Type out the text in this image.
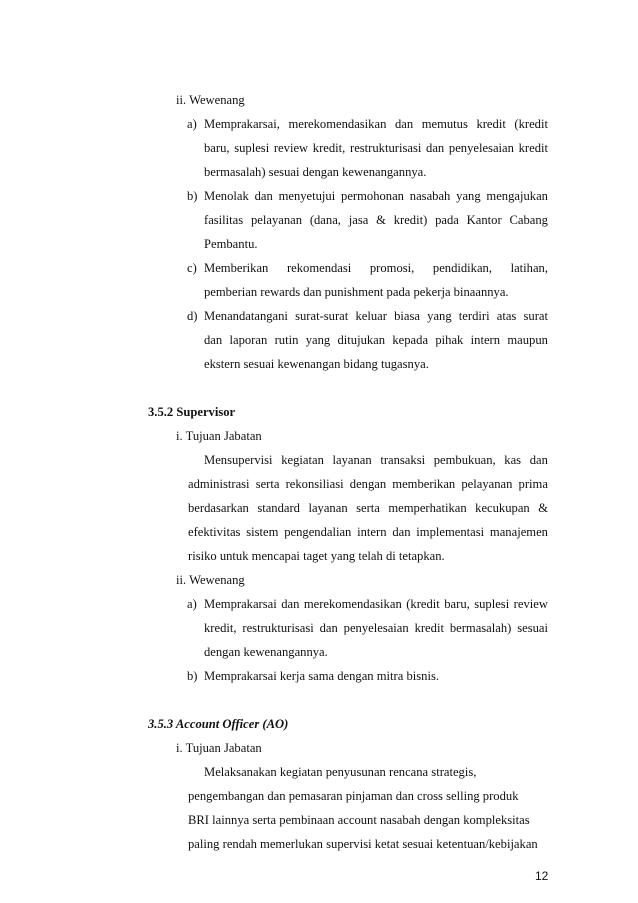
ii. Wewenang
a) Memprakarsai, merekomendasikan dan memutus kredit (kredit
baru, suplesi review kredit, restrukturisasi dan penyelesaian kredit
bermasalah) sesuai dengan kewenangannya.
b) Menolak dan menyetujui permohonan nasabah yang mengajukan
fasilitas pelayanan (dana, jasa & kredit) pada Kantor Cabang
Pembantu.
c) Memberikan rekomendasi promosi, pendidikan, latihan,
pemberian rewards dan punishment pada pekerja binaannya.
d) Menandatangani surat-surat keluar biasa yang terdiri atas surat
dan laporan rutin yang ditujukan kepada pihak intern maupun
ekstern sesuai kewenangan bidang tugasnya.
3.5.2 Supervisor
i. Tujuan Jabatan
Mensupervisi kegiatan layanan transaksi pembukuan, kas dan
administrasi serta rekonsiliasi dengan memberikan pelayanan prima
berdasarkan standard layanan serta memperhatikan kecukupan &
efektivitas sistem pengendalian intern dan implementasi manajemen
risiko untuk mencapai taget yang telah di tetapkan.
ii. Wewenang
a) Memprakarsai dan merekomendasikan (kredit baru, suplesi review
kredit, restrukturisasi dan penyelesaian kredit bermasalah) sesuai
dengan kewenangannya.
b) Memprakarsai kerja sama dengan mitra bisnis.
3.5.3 Account Officer (AO)
i. Tujuan Jabatan
Melaksanakan kegiatan penyusunan rencana strategis,
pengembangan dan pemasaran pinjaman dan cross selling produk
BRI lainnya serta pembinaan account nasabah dengan kompleksitas
paling rendah memerlukan supervisi ketat sesuai ketentuan/kebijakan
12
